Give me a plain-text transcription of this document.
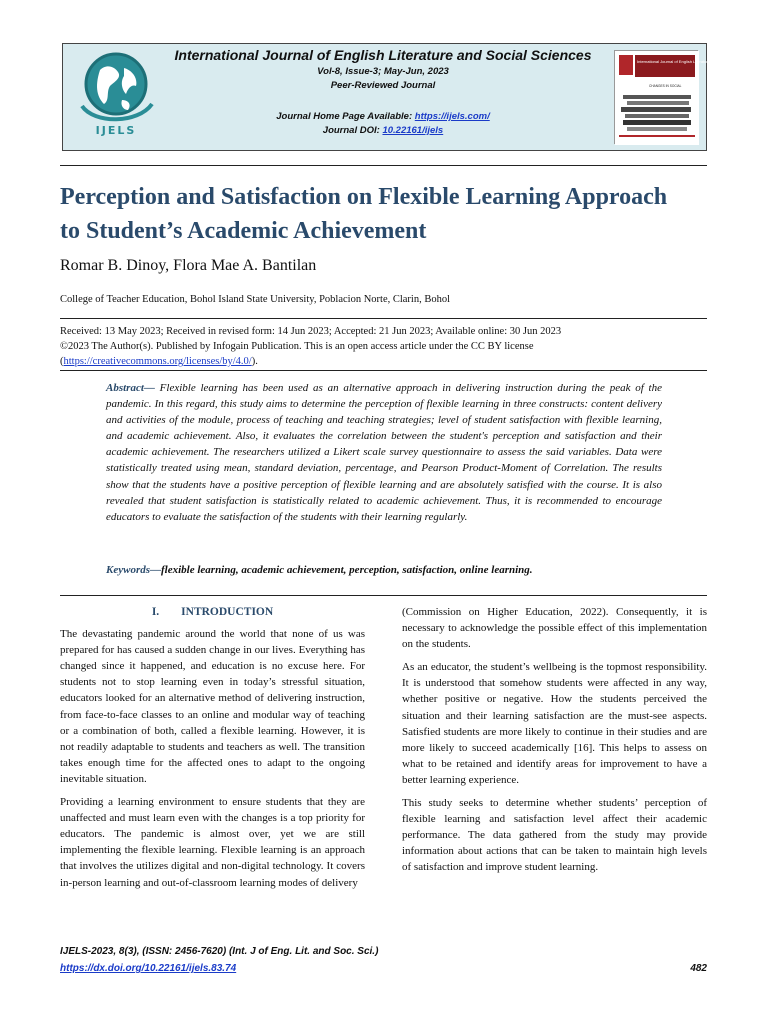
IJELS
International Journal of English Literature and Social Sciences
Vol-8, Issue-3; May-Jun, 2023
Peer-Reviewed Journal
Journal Home Page Available: https://ijels.com/
Journal DOI: 10.22161/ijels
International Journal of English Literature and Social Sciences
CHANGES IN SOCIAL
Perception and Satisfaction on Flexible Learning Approach to Student’s Academic Achievement
Romar B. Dinoy, Flora Mae A. Bantilan
College of Teacher Education, Bohol Island State University, Poblacion Norte, Clarin, Bohol
Received: 13 May 2023; Received in revised form: 14 Jun 2023; Accepted: 21 Jun 2023; Available online: 30 Jun 2023
©2023 The Author(s). Published by Infogain Publication. This is an open access article under the CC BY license
(https://creativecommons.org/licenses/by/4.0/).
Abstract— Flexible learning has been used as an alternative approach in delivering instruction during the peak of the pandemic. In this regard, this study aims to determine the perception of flexible learning in three constructs: content delivery and activities of the module, process of teaching and teaching strategies; level of student satisfaction with flexible learning, and academic achievement. Also, it evaluates the correlation between the student's perception and satisfaction and their academic achievement. The researchers utilized a Likert scale survey questionnaire to assess the said variables. Data were statistically treated using mean, standard deviation, percentage, and Pearson Product-Moment of Correlation. The results show that the students have a positive perception of flexible learning and are absolutely satisfied with the course. It is also revealed that student satisfaction is statistically related to academic achievement. Thus, it is recommended to encourage educators to evaluate the satisfaction of the students with their learning regularly.
Keywords—flexible learning, academic achievement, perception, satisfaction, online learning.
I. INTRODUCTION

The devastating pandemic around the world that none of us was prepared for has caused a sudden change in our lives. Everything has changed since it happened, and education is no excuse here. For students not to stop learning even in today’s stressful situation, educators looked for an alternative method of delivering instruction, from face-to-face classes to an online and modular way of teaching or a combination of both, called a flexible learning. However, it is not readily adaptable to students and teachers as well. The transition takes enough time for the affected ones to adapt to the ongoing inevitable situation.

Providing a learning environment to ensure students that they are unaffected and must learn even with the changes is a top priority for educators. The pandemic is almost over, yet we are still implementing the flexible learning. Flexible learning is an approach that involves the utilizes digital and non-digital technology. It covers in-person learning and out-of-classroom learning modes of delivery

(Commission on Higher Education, 2022). Consequently, it is necessary to acknowledge the possible effect of this implementation on the students.

As an educator, the student’s wellbeing is the topmost responsibility. It is understood that somehow students were affected in any way, whether positive or negative. How the students perceived the situation and their learning satisfaction are the must-see aspects. Satisfied students are more likely to continue in their studies and are more likely to succeed academically [16]. This helps to assess on what to be retained and identify areas for improvement to have a better learning experience.

This study seeks to determine whether students’ perception of flexible learning and satisfaction level affect their academic performance. The data gathered from the study may provide information about actions that can be taken to maintain high levels of satisfaction and improve student learning.

IJELS-2023, 8(3), (ISSN: 2456-7620) (Int. J of Eng. Lit. and Soc. Sci.)
https://dx.doi.org/10.22161/ijels.83.74	482
